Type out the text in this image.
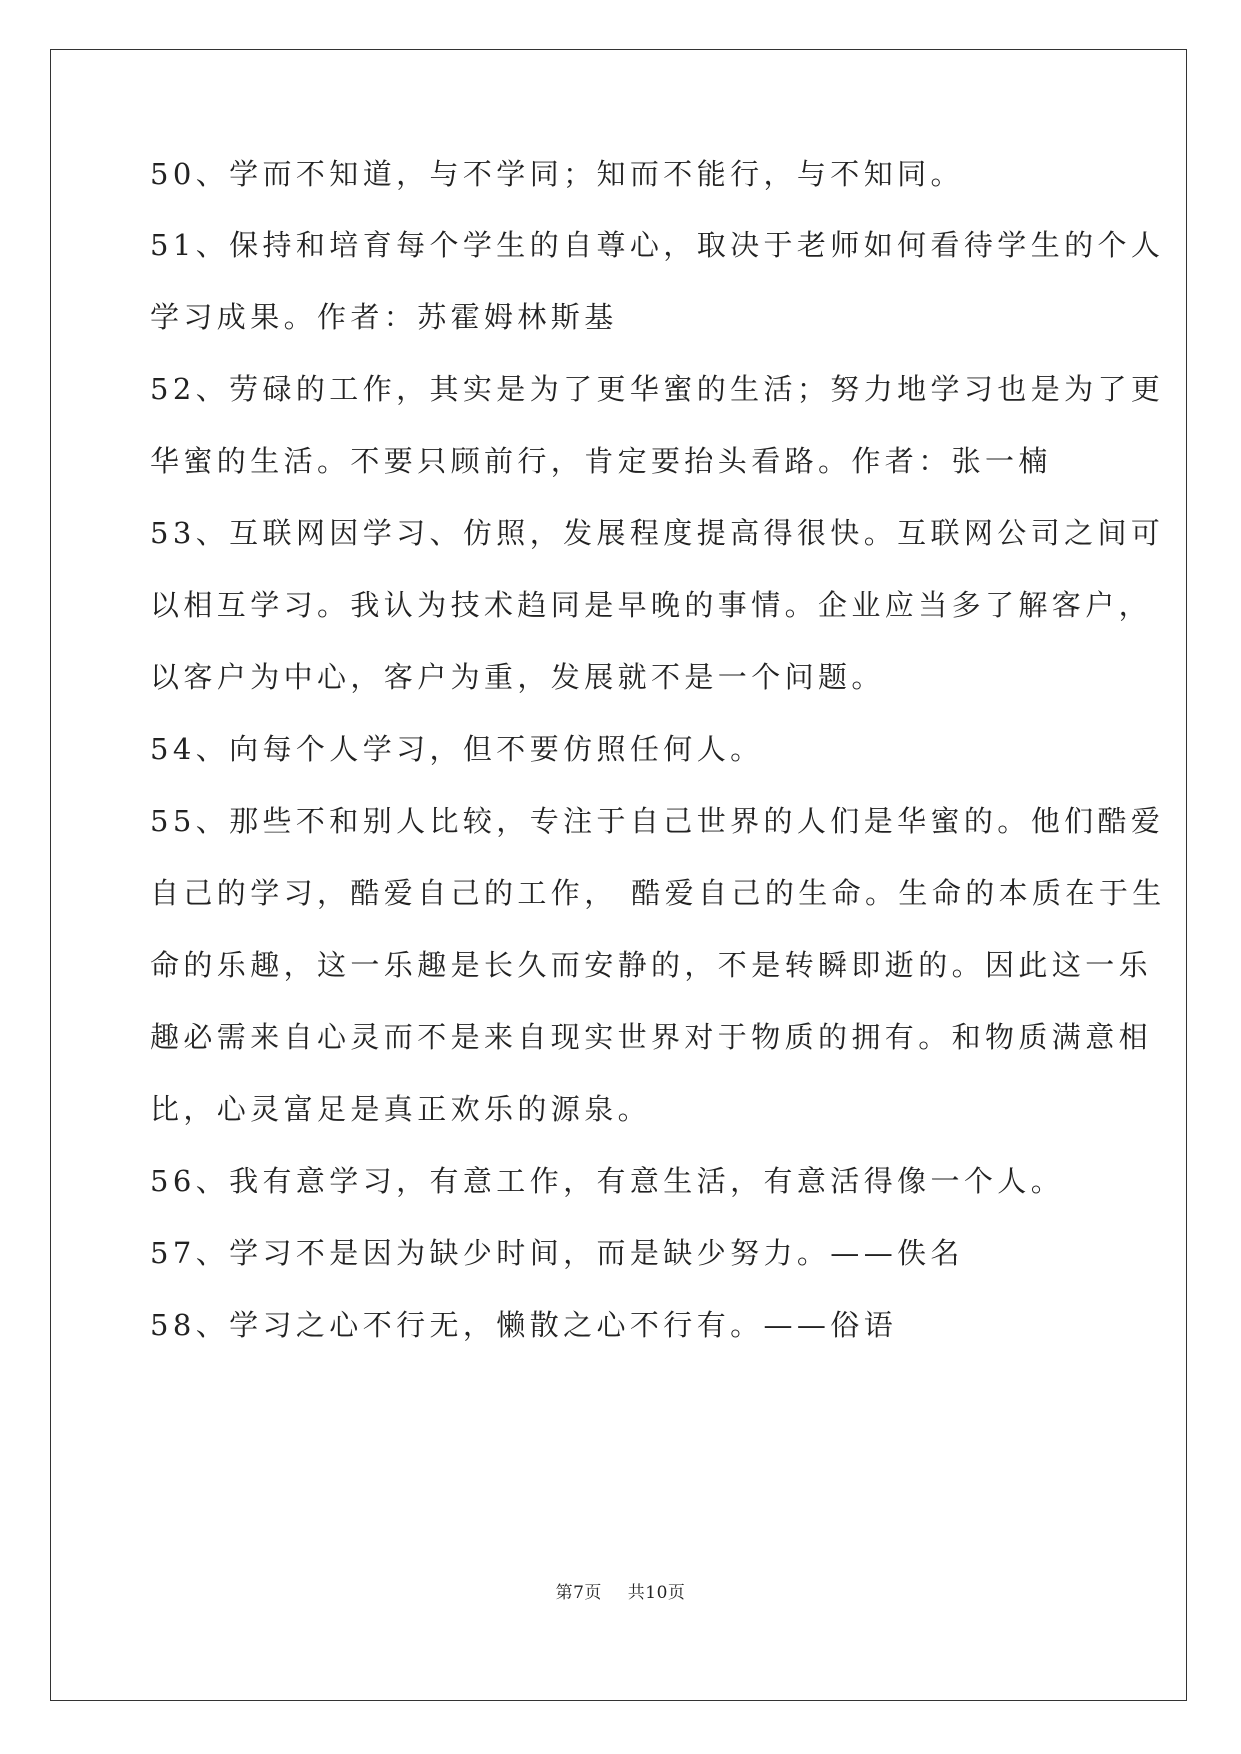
50、学而不知道，与不学同；知而不能行，与不知同。
51、保持和培育每个学生的自尊心，取决于老师如何看待学生的个人
学习成果。作者：苏霍姆林斯基
52、劳碌的工作，其实是为了更华蜜的生活；努力地学习也是为了更
华蜜的生活。不要只顾前行，肯定要抬头看路。作者：张一楠
53、互联网因学习、仿照，发展程度提高得很快。互联网公司之间可
以相互学习。我认为技术趋同是早晚的事情。企业应当多了解客户，
以客户为中心，客户为重，发展就不是一个问题。
54、向每个人学习，但不要仿照任何人。
55、那些不和别人比较，专注于自己世界的人们是华蜜的。他们酷爱
自己的学习，酷爱自己的工作， 酷爱自己的生命。生命的本质在于生
命的乐趣，这一乐趣是长久而安静的，不是转瞬即逝的。因此这一乐
趣必需来自心灵而不是来自现实世界对于物质的拥有。和物质满意相
比，心灵富足是真正欢乐的源泉。
56、我有意学习，有意工作，有意生活，有意活得像一个人。
57、学习不是因为缺少时间，而是缺少努力。——佚名
58、学习之心不行无，懒散之心不行有。——俗语
第7页 共10页
